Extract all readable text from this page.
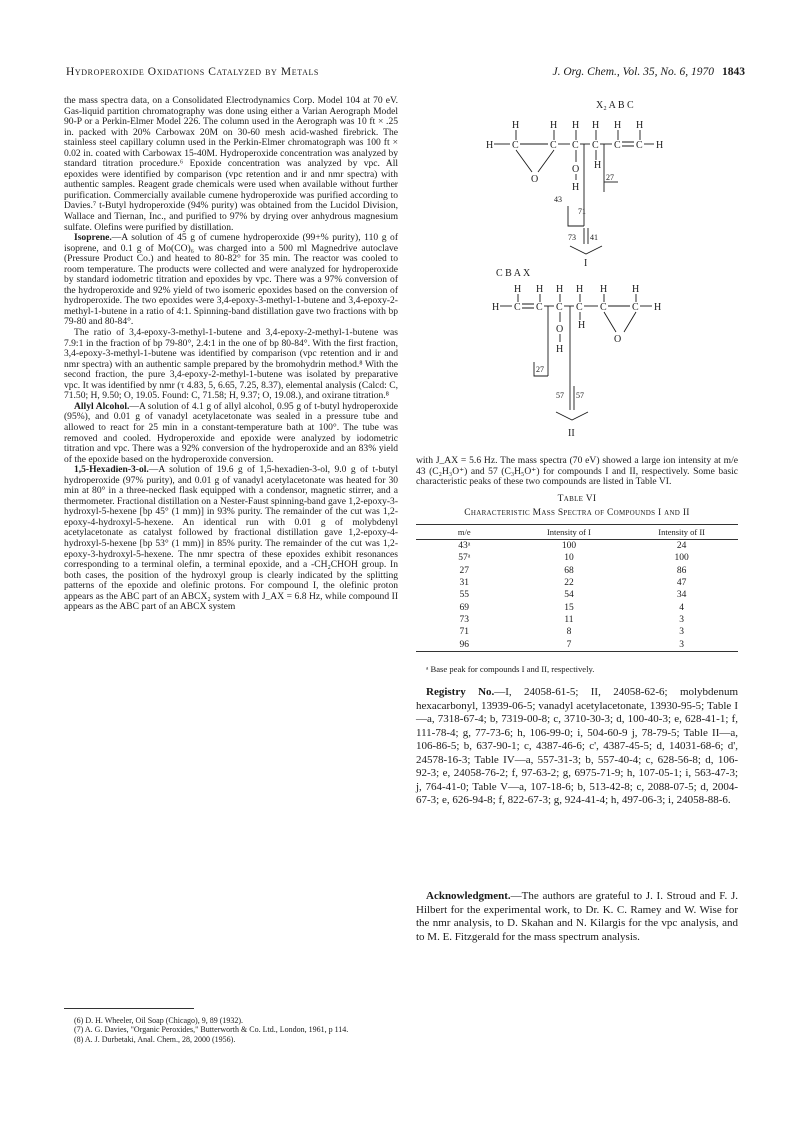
Hydroperoxide Oxidations Catalyzed by Metals	J. Org. Chem., Vol. 35, No. 6, 1970 1843

the mass spectra data, on a Consolidated Electrodynamics Corp. Model 104 at 70 eV. Gas-liquid partition chromatography was done using either a Varian Aerograph Model 90-P or a Perkin-Elmer Model 226. The column used in the Aerograph was 10 ft × .25 in. packed with 20% Carbowax 20M on 30-60 mesh acid-washed firebrick. The stainless steel capillary column used in the Perkin-Elmer chromatograph was 100 ft × 0.02 in. coated with Carbowax 15-40M. Hydroperoxide concentration was analyzed by standard titration procedure.⁶ Epoxide concentration was analyzed by vpc. All epoxides were identified by comparison (vpc retention and ir and nmr spectra) with authentic samples. Reagent grade chemicals were used when available without further purification. Commercially available cumene hydroperoxide was purified according to Davies.⁷ t-Butyl hydroperoxide (94% purity) was obtained from the Lucidol Division, Wallace and Tiernan, Inc., and purified to 97% by drying over anhydrous magnesium sulfate. Olefins were purified by distillation.

Isoprene.—A solution of 45 g of cumene hydroperoxide (99+% purity), 110 g of isoprene, and 0.1 g of Mo(CO)₆ was charged into a 500 ml Magnedrive autoclave (Pressure Product Co.) and heated to 80-82° for 35 min. The reactor was cooled to room temperature. The products were collected and were analyzed for hydroperoxide by standard iodometric titration and epoxides by vpc. There was a 97% conversion of the hydroperoxide and 92% yield of two isomeric epoxides based on the conversion of hydroperoxide. The two epoxides were 3,4-epoxy-3-methyl-1-butene and 3,4-epoxy-2-methyl-1-butene in a ratio of 4:1. Spinning-band distillation gave two fractions with bp 79-80 and 80-84°.

The ratio of 3,4-epoxy-3-methyl-1-butene and 3,4-epoxy-2-methyl-1-butene was 7.9:1 in the fraction of bp 79-80°, 2.4:1 in the one of bp 80-84°. With the first fraction, 3,4-epoxy-3-methyl-1-butene was identified by comparison (vpc retention and ir and nmr spectra) with an authentic sample prepared by the bromohydrin method.⁸ With the second fraction, the pure 3,4-epoxy-2-methyl-1-butene was isolated by preparative vpc. It was identified by nmr (τ 4.83, 5, 6.65, 7.25, 8.37), elemental analysis (Calcd: C, 71.50; H, 9.50; O, 19.05. Found: C, 71.58; H, 9.37; O, 19.08.), and oxirane titration.⁸

Allyl Alcohol.—A solution of 4.1 g of allyl alcohol, 0.95 g of t-butyl hydroperoxide (95%), and 0.01 g of vanadyl acetylacetonate was sealed in a pressure tube and allowed to react for 25 min in a constant-temperature bath at 100°. The tube was removed and cooled. Hydroperoxide and epoxide were analyzed by iodometric titration and vpc. There was a 92% conversion of the hydroperoxide and an 83% yield of the epoxide based on the hydroperoxide conversion.

1,5-Hexadien-3-ol.—A solution of 19.6 g of 1,5-hexadien-3-ol, 9.0 g of t-butyl hydroperoxide (97% purity), and 0.01 g of vanadyl acetylacetonate was heated for 30 min at 80° in a three-necked flask equipped with a condensor, magnetic stirrer, and a thermometer. Fractional distillation on a Nester-Faust spinning-band gave 1,2-epoxy-3-hydroxyl-5-hexene [bp 45° (1 mm)] in 93% purity. The remainder of the cut was 1,2-epoxy-4-hydroxyl-5-hexene. An identical run with 0.01 g of molybdenyl acetylacetonate as catalyst followed by fractional distillation gave 1,2-epoxy-4-hydroxyl-5-hexene [bp 53° (1 mm)] in 85% purity. The remainder of the cut was 1,2-epoxy-3-hydroxyl-5-hexene. The nmr spectra of these epoxides exhibit resonances corresponding to a terminal olefin, a terminal epoxide, and a -CH₂CHOH group. In both cases, the position of the hydroxyl group is clearly indicated by the splitting patterns of the epoxide and olefinic protons. For compound I, the olefinic proton appears as the ABC part of an ABCX₂ system with J_AX = 6.8 Hz, while compound II appears as the ABC part of an ABCX system

(6) D. H. Wheeler, Oil Soap (Chicago), 9, 89 (1932).

(7) A. G. Davies, "Organic Peroxides," Butterworth & Co. Ltd., London, 1961, p 114.

(8) A. J. Durbetaki, Anal. Chem., 28, 2000 (1956).

X₂ A B C
H	H H H H H
H C	C C C C C H
O
O
H
H
43
71
27
73 41
I
C B A X
H H H H H H
H C C C C C	C H
O
H
H
O
27
57 57
II
with J_AX = 5.6 Hz. The mass spectra (70 eV) showed a large ion intensity at m/e 43 (C₂H₃O⁺) and 57 (C₃H₅O⁺) for compounds I and II, respectively. Some basic characteristic peaks of these two compounds are listed in Table VI.
Table VI
Characteristic Mass Spectra of Compounds I and II
m/e	Intensity of I	Intensity of II
43ᵃ	100	24
57ᵃ	10	100
27	68	86
31	22	47
55	54	34
69	15	4
73	11	3
71	8	3
96	7	3
ᵃ Base peak for compounds I and II, respectively.

Registry No.—I, 24058-61-5; II, 24058-62-6; molybdenum hexacarbonyl, 13939-06-5; vanadyl acetylacetonate, 13930-95-5; Table I—a, 7318-67-4; b, 7319-00-8; c, 3710-30-3; d, 100-40-3; e, 628-41-1; f, 111-78-4; g, 77-73-6; h, 106-99-0; i, 504-60-9 j, 78-79-5; Table II—a, 106-86-5; b, 637-90-1; c, 4387-46-6; c', 4387-45-5; d, 14031-68-6; d', 24578-16-3; Table IV—a, 557-31-3; b, 557-40-4; c, 628-56-8; d, 106-92-3; e, 24058-76-2; f, 97-63-2; g, 6975-71-9; h, 107-05-1; i, 563-47-3; j, 764-41-0; Table V—a, 107-18-6; b, 513-42-8; c, 2088-07-5; d, 2004-67-3; e, 626-94-8; f, 822-67-3; g, 924-41-4; h, 497-06-3; i, 24058-88-6.

Acknowledgment.—The authors are grateful to J. I. Stroud and F. J. Hilbert for the experimental work, to Dr. K. C. Ramey and W. Wise for the nmr analysis, to D. Skahan and N. Kilargis for the vpc analysis, and to M. E. Fitzgerald for the mass spectrum analysis.
